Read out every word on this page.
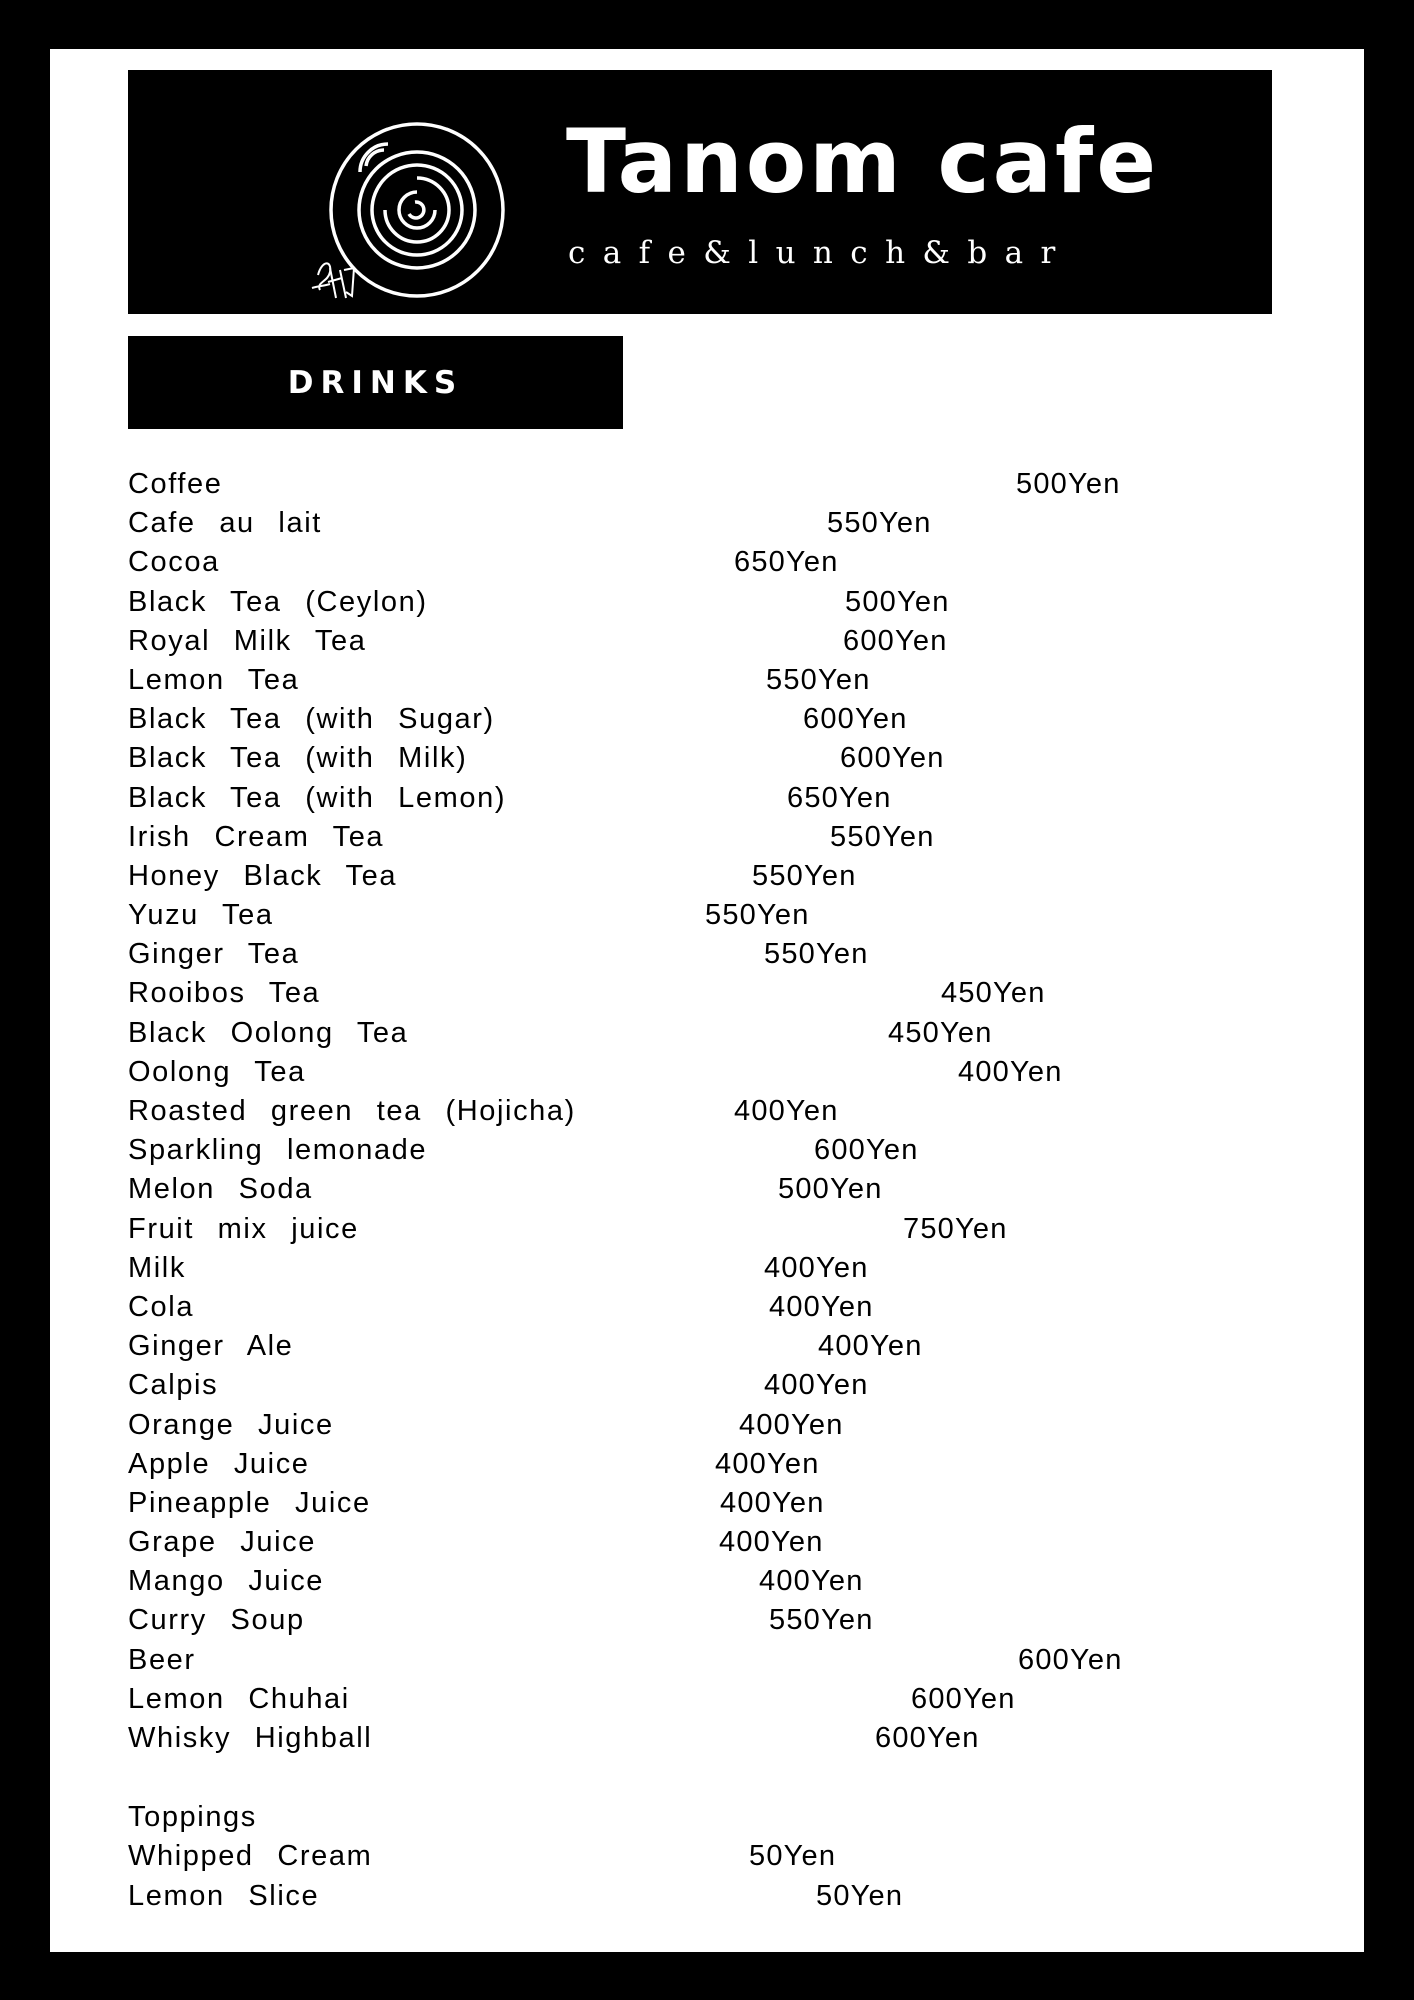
Tanom cafe
cafe&lunch&bar
DRINKS
Coffee	500Yen
Cafe au lait	550Yen
Cocoa	650Yen
Black Tea (Ceylon)	500Yen
Royal Milk Tea	600Yen
Lemon Tea	550Yen
Black Tea (with Sugar)	600Yen
Black Tea (with Milk)	600Yen
Black Tea (with Lemon)	650Yen
Irish Cream Tea	550Yen
Honey Black Tea	550Yen
Yuzu Tea	550Yen
Ginger Tea	550Yen
Rooibos Tea	450Yen
Black Oolong Tea	450Yen
Oolong Tea	400Yen
Roasted green tea (Hojicha)	400Yen
Sparkling lemonade	600Yen
Melon Soda	500Yen
Fruit mix juice	750Yen
Milk	400Yen
Cola	400Yen
Ginger Ale	400Yen
Calpis	400Yen
Orange Juice	400Yen
Apple Juice	400Yen
Pineapple Juice	400Yen
Grape Juice	400Yen
Mango Juice	400Yen
Curry Soup	550Yen
Beer	600Yen
Lemon Chuhai	600Yen
Whisky Highball	600Yen
Toppings
Whipped Cream	50Yen
Lemon Slice	50Yen
